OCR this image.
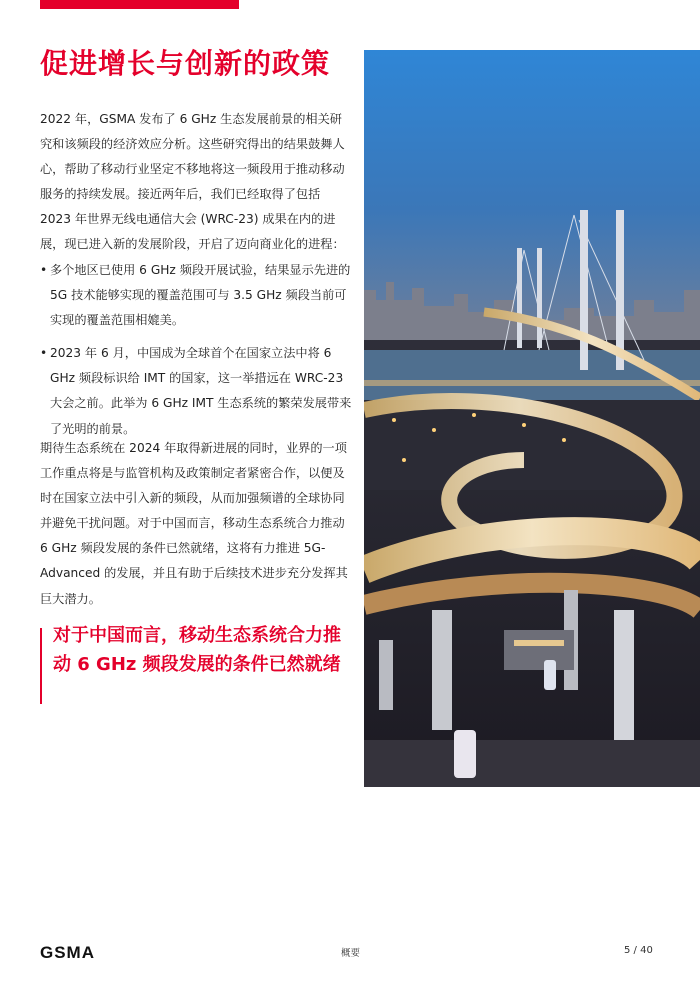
促进增长与创新的政策

2022 年，GSMA 发布了 6 GHz 生态发展前景的相关研究和该频段的经济效应分析。这些研究得出的结果鼓舞人心，帮助了移动行业坚定不移地将这一频段用于推动移动服务的持续发展。接近两年后，我们已经取得了包括 2023 年世界无线电通信大会 (WRC-23) 成果在内的进展，现已进入新的发展阶段，开启了迈向商业化的进程：

• 多个地区已使用 6 GHz 频段开展试验，结果显示先进的 5G 技术能够实现的覆盖范围可与 3.5 GHz 频段当前可实现的覆盖范围相媲美。
• 2023 年 6 月，中国成为全球首个在国家立法中将 6 GHz 频段标识给 IMT 的国家，这一举措远在 WRC-23 大会之前。此举为 6 GHz IMT 生态系统的繁荣发展带来了光明的前景。

期待生态系统在 2024 年取得新进展的同时，业界的一项工作重点将是与监管机构及政策制定者紧密合作，以便及时在国家立法中引入新的频段，从而加强频谱的全球协同并避免干扰问题。对于中国而言，移动生态系统合力推动 6 GHz 频段发展的条件已然就绪，这将有力推进 5G-Advanced 的发展，并且有助于后续技术进步充分发挥其巨大潜力。

对于中国而言，移动生态系统合力推动 6 GHz 频段发展的条件已然就绪

GSMA	概要	5 / 40
